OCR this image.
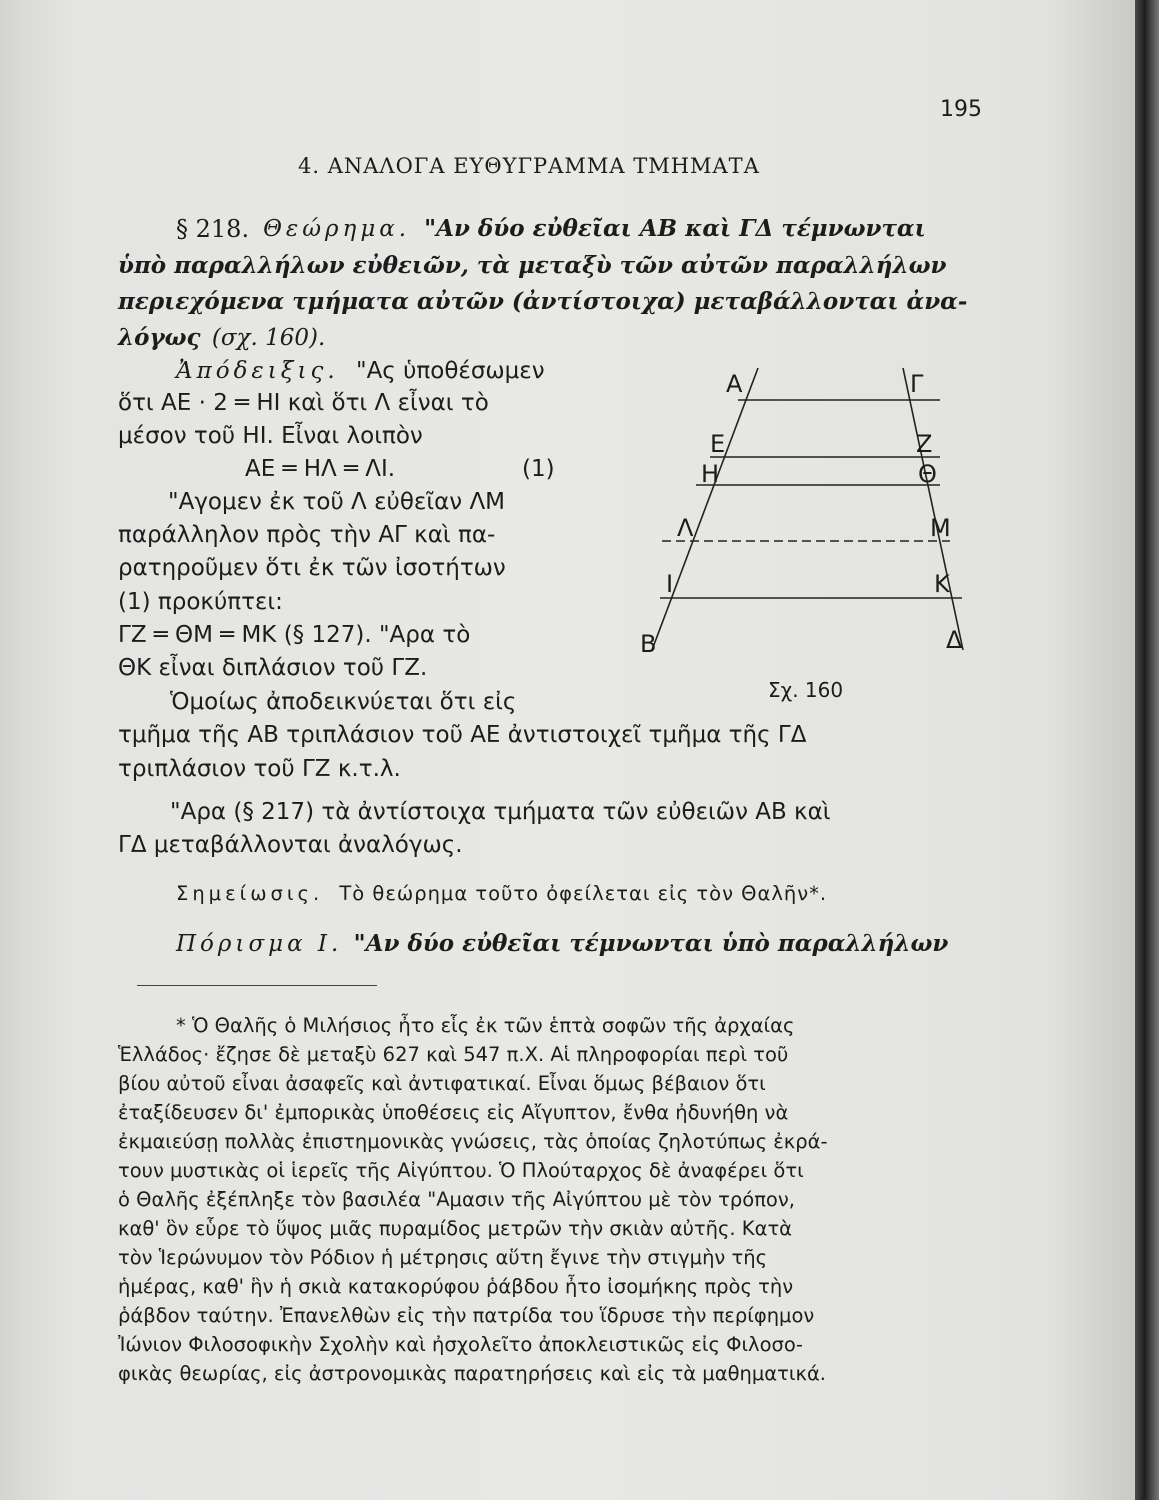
195
4. ΑΝΑΛΟΓΑ ΕΥΘΥΓΡΑΜΜΑ ΤΜΗΜΑΤΑ
§ 218. Θεώρημα. "Αν δύο εὐθεῖαι ΑΒ καὶ ΓΔ τέμνωνται
ὑπὸ παραλλήλων εὐθειῶν, τὰ μεταξὺ τῶν αὐτῶν παραλλήλων
περιεχόμενα τμήματα αὐτῶν (ἀντίστοιχα) μεταβάλλονται ἀνα-
λόγως (σχ. 160).
Ἀπόδειξις. "Ας ὑποθέσωμεν
ὅτι ΑΕ · 2 ═ ΗΙ καὶ ὅτι Λ εἶναι τὸ
μέσον τοῦ ΗΙ. Εἶναι λοιπὸν
ΑΕ ═ ΗΛ ═ ΛΙ.	(1)
"Αγομεν ἐκ τοῦ Λ εὐθεῖαν ΛΜ
παράλληλον πρὸς τὴν ΑΓ καὶ πα-
ρατηροῦμεν ὅτι ἐκ τῶν ἰσοτήτων
(1) προκύπτει:
ΓΖ ═ ΘΜ ═ ΜΚ (§ 127). "Αρα τὸ
ΘΚ εἶναι διπλάσιον τοῦ ΓΖ.
Ὁμοίως ἀποδεικνύεται ὅτι εἰς
τμῆμα τῆς ΑΒ τριπλάσιον τοῦ ΑΕ ἀντιστοιχεῖ τμῆμα τῆς ΓΔ
τριπλάσιον τοῦ ΓΖ κ.τ.λ.
"Αρα (§ 217) τὰ ἀντίστοιχα τμήματα τῶν εὐθειῶν ΑΒ καὶ
ΓΔ μεταβάλλονται ἀναλόγως.
Σημείωσις. Τὸ θεώρημα τοῦτο ὀφείλεται εἰς τὸν Θαλῆν*.
Πόρισμα Ι. "Αν δύο εὐθεῖαι τέμνωνται ὑπὸ παραλλήλων
* Ὁ Θαλῆς ὁ Μιλήσιος ἦτο εἷς ἐκ τῶν ἑπτὰ σοφῶν τῆς ἀρχαίας
Ἑλλάδος· ἔζησε δὲ μεταξὺ 627 καὶ 547 π.Χ. Αἱ πληροφορίαι περὶ τοῦ
βίου αὐτοῦ εἶναι ἀσαφεῖς καὶ ἀντιφατικαί. Εἶναι ὅμως βέβαιον ὅτι
ἐταξίδευσεν δι' ἐμπορικὰς ὑποθέσεις εἰς Αἴγυπτον, ἔνθα ἠδυνήθη νὰ
ἐκμαιεύσῃ πολλὰς ἐπιστημονικὰς γνώσεις, τὰς ὁποίας ζηλοτύπως ἐκρά-
τουν μυστικὰς οἱ ἱερεῖς τῆς Αἰγύπτου. Ὁ Πλούταρχος δὲ ἀναφέρει ὅτι
ὁ Θαλῆς ἐξέπληξε τὸν βασιλέα "Αμασιν τῆς Αἰγύπτου μὲ τὸν τρόπον,
καθ' ὃν εὗρε τὸ ὕψος μιᾶς πυραμίδος μετρῶν τὴν σκιὰν αὐτῆς. Κατὰ
τὸν Ἱερώνυμον τὸν Ρόδιον ἡ μέτρησις αὕτη ἔγινε τὴν στιγμὴν τῆς
ἡμέρας, καθ' ἣν ἡ σκιὰ κατακορύφου ῥάβδου ἦτο ἰσομήκης πρὸς τὴν
ῥάβδον ταύτην. Ἐπανελθὼν εἰς τὴν πατρίδα του ἵδρυσε τὴν περίφημον
Ἰώνιον Φιλοσοφικὴν Σχολὴν καὶ ἠσχολεῖτο ἀποκλειστικῶς εἰς Φιλοσο-
φικὰς θεωρίας, εἰς ἀστρονομικὰς παρατηρήσεις καὶ εἰς τὰ μαθηματικά.
Α	Γ
Ε	Ζ
Η	Θ
Λ	Μ
Ι	Κ
Β	Δ
Σχ. 160
